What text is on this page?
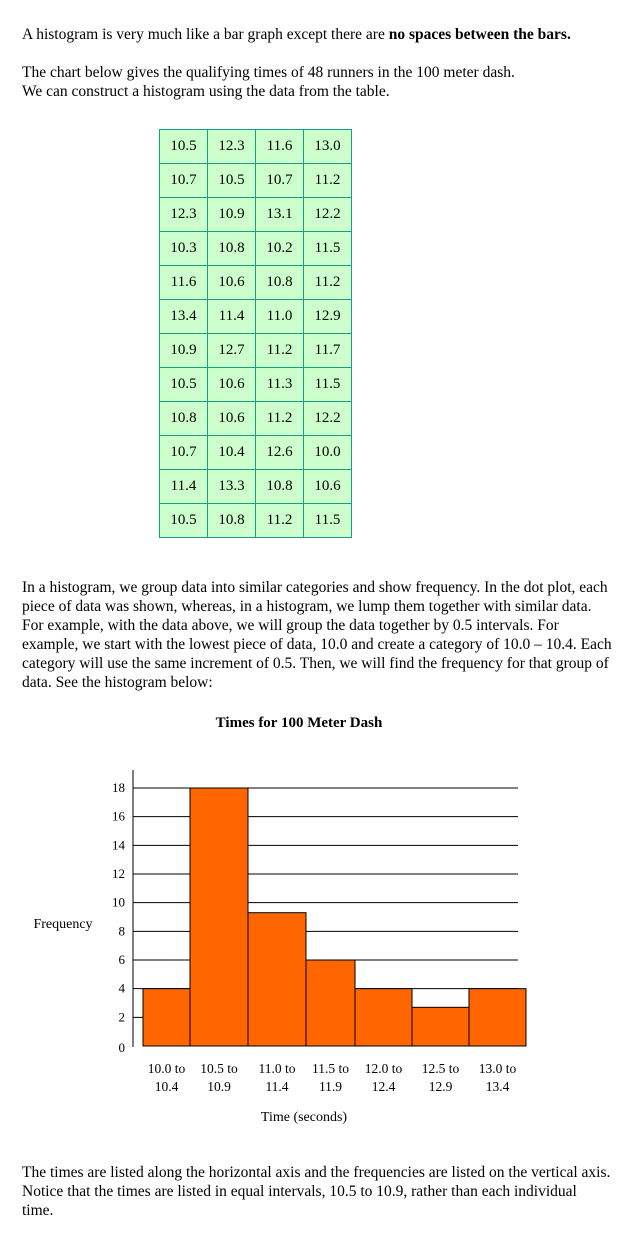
A histogram is very much like a bar graph except there are no spaces between the bars.

The chart below gives the qualifying times of 48 runners in the 100 meter dash.
We can construct a histogram using the data from the table.

10.5	12.3	11.6	13.0
10.7	10.5	10.7	11.2
12.3	10.9	13.1	12.2
10.3	10.8	10.2	11.5
11.6	10.6	10.8	11.2
13.4	11.4	11.0	12.9
10.9	12.7	11.2	11.7
10.5	10.6	11.3	11.5
10.8	10.6	11.2	12.2
10.7	10.4	12.6	10.0
11.4	13.3	10.8	10.6
10.5	10.8	11.2	11.5

In a histogram, we group data into similar categories and show frequency. In the dot plot, each piece of data was shown, whereas, in a histogram, we lump them together with similar data. For example, with the data above, we will group the data together by 0.5 intervals. For example, we start with the lowest piece of data, 10.0 and create a category of 10.0 – 10.4. Each category will use the same increment of 0.5. Then, we will find the frequency for that group of data. See the histogram below:

Times for 100 Meter Dash
0
2
4
6
8
10
12
14
16
18
10.0 to
10.4
10.5 to
10.9
11.0 to
11.4
11.5 to
11.9
12.0 to
12.4
12.5 to
12.9
13.0 to
13.4
Frequency
Time (seconds)

The times are listed along the horizontal axis and the frequencies are listed on the vertical axis. Notice that the times are listed in equal intervals, 10.5 to 10.9, rather than each individual time.
